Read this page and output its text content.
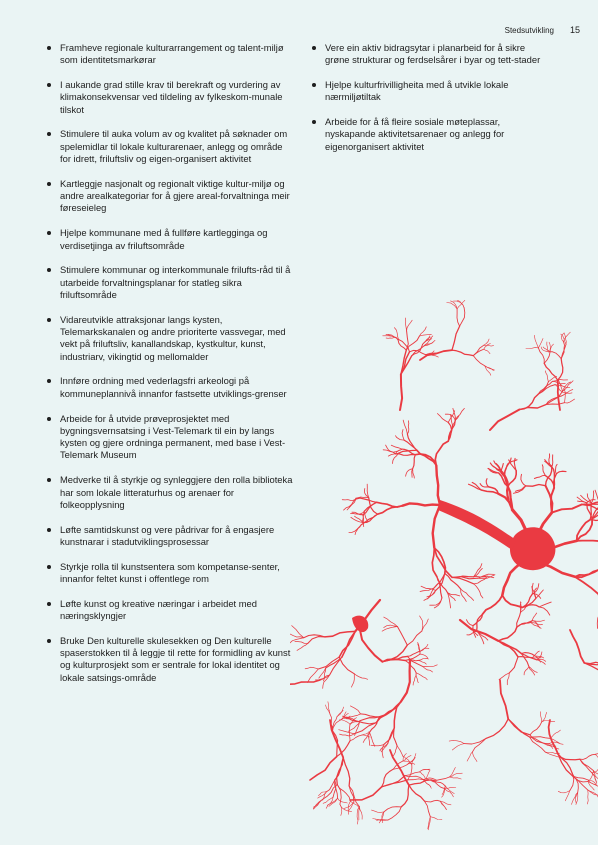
Stedsutvikling 15
Framheve regionale kulturarrangement og talent-miljø som identitetsmarkørar
I aukande grad stille krav til berekraft og vurdering av klimakonsekvensar ved tildeling av fylkeskom-munale tilskot
Stimulere til auka volum av og kvalitet på søknader om spelemidlar til lokale kulturarenaer, anlegg og område for idrett, friluftsliv og eigen-organisert aktivitet
Kartleggje nasjonalt og regionalt viktige kultur-miljø og andre arealkategoriar for å gjere areal-forvaltninga meir føreseieleg
Hjelpe kommunane med å fullføre kartlegginga og verdisetjinga av friluftsområde
Stimulere kommunar og interkommunale frilufts-råd til å utarbeide forvaltningsplanar for statleg sikra friluftsområde
Vidareutvikle attraksjonar langs kysten, Telemarkskanalen og andre prioriterte vassvegar, med vekt på friluftsliv, kanallandskap, kystkultur, kunst, industriarv, vikingtid og mellomalder
Innføre ordning med vederlagsfri arkeologi på kommuneplannivå innanfor fastsette utviklings-grenser
Arbeide for å utvide prøveprosjektet med bygningsvernsatsing i Vest-Telemark til ein by langs kysten og gjere ordninga permanent, med base i Vest-Telemark Museum
Medverke til å styrkje og synleggjere den rolla biblioteka har som lokale litteraturhus og arenaer for folkeopplysning
Løfte samtidskunst og vere pådrivar for å engasjere kunstnarar i stadutviklingsprosessar
Styrkje rolla til kunstsentera som kompetanse-senter, innanfor feltet kunst i offentlege rom
Løfte kunst og kreative næringar i arbeidet med næringsklyngjer
Bruke Den kulturelle skulesekken og Den kulturelle spaserstokken til å leggje til rette for formidling av kunst og kulturprosjekt som er sentrale for lokal identitet og lokale satsings-område
Vere ein aktiv bidragsytar i planarbeid for å sikre grøne strukturar og ferdselsårer i byar og tett-stader
Hjelpe kulturfrivilligheita med å utvikle lokale nærmiljøtiltak
Arbeide for å få fleire sosiale møteplassar, nyskapande aktivitetsarenaer og anlegg for eigenorganisert aktivitet
